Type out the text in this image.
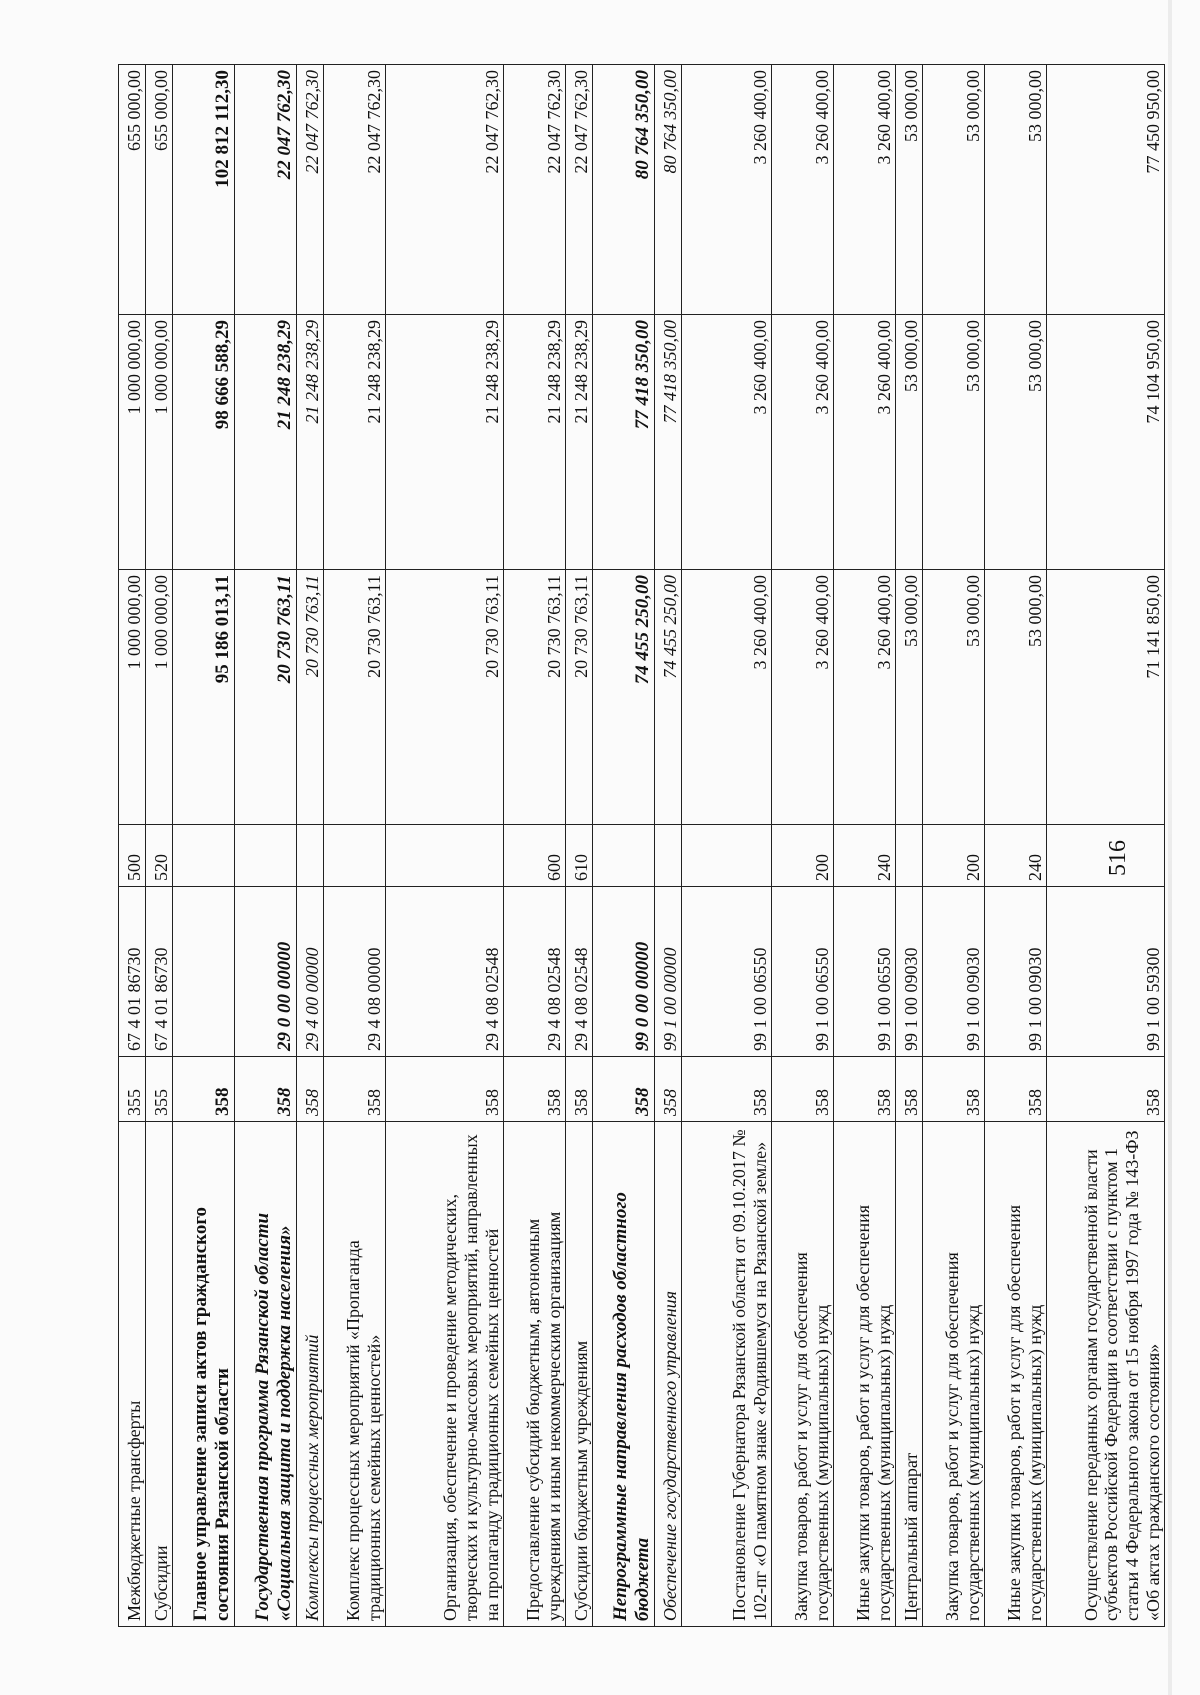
516
Межбюджетные трансферты	355	67 4 01 86730	500	1 000 000,00	1 000 000,00	655 000,00
Субсидии	355	67 4 01 86730	520	1 000 000,00	1 000 000,00	655 000,00
Главное управление записи актов гражданского состояния Рязанской области	358			95 186 013,11	98 666 588,29	102 812 112,30
Государственная программа Рязанской области «Социальная защита и поддержка населения»	358	29 0 00 00000		20 730 763,11	21 248 238,29	22 047 762,30
Комплексы процессных мероприятий	358	29 4 00 00000		20 730 763,11	21 248 238,29	22 047 762,30
Комплекс процессных мероприятий «Пропаганда традиционных семейных ценностей»	358	29 4 08 00000		20 730 763,11	21 248 238,29	22 047 762,30
Организация, обеспечение и проведение методических, творческих и культурно-массовых мероприятий, направленных на пропаганду традиционных семейных ценностей	358	29 4 08 02548		20 730 763,11	21 248 238,29	22 047 762,30
Предоставление субсидий бюджетным, автономным учреждениям и иным некоммерческим организациям	358	29 4 08 02548	600	20 730 763,11	21 248 238,29	22 047 762,30
Субсидии бюджетным учреждениям	358	29 4 08 02548	610	20 730 763,11	21 248 238,29	22 047 762,30
Непрограммные направления расходов областного бюджета	358	99 0 00 00000		74 455 250,00	77 418 350,00	80 764 350,00
Обеспечение государственного управления	358	99 1 00 00000		74 455 250,00	77 418 350,00	80 764 350,00
Постановление Губернатора Рязанской области от 09.10.2017 № 102-пг «О памятном знаке «Родившемуся на Рязанской земле»	358	99 1 00 06550		3 260 400,00	3 260 400,00	3 260 400,00
Закупка товаров, работ и услуг для обеспечения государственных (муниципальных) нужд	358	99 1 00 06550	200	3 260 400,00	3 260 400,00	3 260 400,00
Иные закупки товаров, работ и услуг для обеспечения государственных (муниципальных) нужд	358	99 1 00 06550	240	3 260 400,00	3 260 400,00	3 260 400,00
Центральный аппарат	358	99 1 00 09030		53 000,00	53 000,00	53 000,00
Закупка товаров, работ и услуг для обеспечения государственных (муниципальных) нужд	358	99 1 00 09030	200	53 000,00	53 000,00	53 000,00
Иные закупки товаров, работ и услуг для обеспечения государственных (муниципальных) нужд	358	99 1 00 09030	240	53 000,00	53 000,00	53 000,00
Осуществление переданных органам государственной власти субъектов Российской Федерации в соответствии с пунктом 1 статьи 4 Федерального закона от 15 ноября 1997 года № 143-ФЗ «Об актах гражданского состояния»	358	99 1 00 59300		71 141 850,00	74 104 950,00	77 450 950,00
